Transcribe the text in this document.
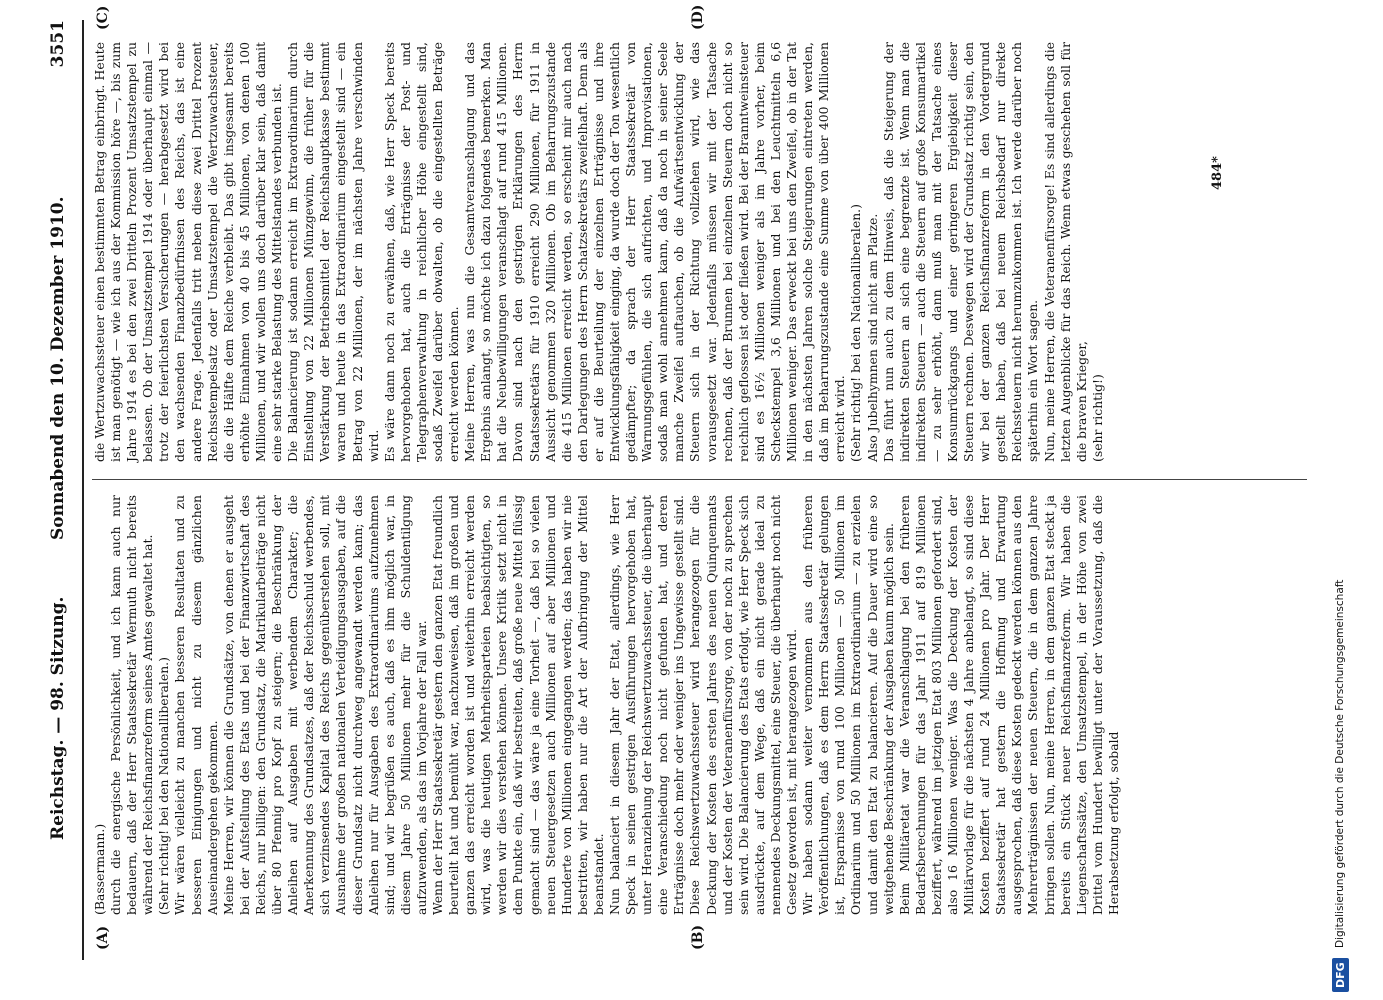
Reichstag. — 98. Sitzung.
Sonnabend den 10. Dezember 1910.
3551
(A)	(B)
(C)	(D)
(Bassermann.)
durch die energische Persönlichkeit, und ich kann auch nur bedauern, daß der Herr Staatssekretär Wermuth nicht bereits während der Reichsfinanzreform seines Amtes gewaltet hat.
(Sehr richtig! bei den Nationalliberalen.)
Wir wären vielleicht zu manchen besseren Resultaten und zu besseren Einigungen und nicht zu diesem gänzlichen Auseinandergehen gekommen.
Meine Herren, wir können die Grundsätze, von denen er ausgeht bei der Aufstellung des Etats und bei der Finanzwirtschaft des Reichs, nur billigen: den Grundsatz, die Matrikularbeiträge nicht über 80 Pfennig pro Kopf zu steigern; die Beschränkung der Anleihen auf Ausgaben mit werbendem Charakter; die Anerkennung des Grundsatzes, daß der Reichsschuld werbendes, sich verzinsendes Kapital des Reichs gegenüberstehen soll, mit Ausnahme der großen nationalen Verteidigungsausgaben, auf die dieser Grundsatz nicht durchweg angewandt werden kann; das Anleihen nur für Ausgaben des Extraordinariums aufzunehmen sind; und wir begrüßen es auch, daß es ihm möglich war, in diesem Jahre 50 Millionen mehr für die Schuldentilgung aufzuwenden, als das im Vorjahre der Fall war.
Wenn der Herr Staatssekretär gestern den ganzen Etat freundlich beurteilt hat und bemüht war, nachzuweisen, daß im großen und ganzen das erreicht worden ist und weiterhin erreicht werden wird, was die heutigen Mehrheitsparteien beabsichtigten, so werden wir dies verstehen können. Unsere Kritik setzt nicht in dem Punkte ein, daß wir bestreiten, daß große neue Mittel flüssig gemacht sind — das wäre ja eine Torheit —, daß bei so vielen neuen Steuergesetzen auch Millionen auf aber Millionen und Hunderte von Millionen eingegangen werden; das haben wir nie bestritten, wir haben nur die Art der Aufbringung der Mittel beanstandet.
Nun balanciert in diesem Jahr der Etat, allerdings, wie Herr Speck in seinen gestrigen Ausführungen hervorgehoben hat, unter Heranziehung der Reichswertzuwachssteuer, die überhaupt eine Veranschiedung noch nicht gefunden hat, und deren Erträgnisse doch mehr oder weniger ins Ungewisse gestellt sind. Diese Reichswertzuwachssteuer wird herangezogen für die Deckung der Kosten des ersten Jahres des neuen Quinquennats und der Kosten der Veteranenfürsorge, von der noch zu sprechen sein wird. Die Balancierung des Etats erfolgt, wie Herr Speck sich ausdrückte, auf dem Wege, daß ein nicht gerade ideal zu nennendes Deckungsmittel, eine Steuer, die überhaupt noch nicht Gesetz geworden ist, mit herangezogen wird.
Wir haben sodann weiter vernommen aus den früheren Veröffentlichungen, daß es dem Herrn Staatssekretär gelungen ist, Ersparnisse von rund 100 Millionen — 50 Millionen im Ordinarium und 50 Millionen im Extraordinarium — zu erzielen und damit den Etat zu balancieren. Auf die Dauer wird eine so weitgehende Beschränkung der Ausgaben kaum möglich sein.
Beim Militäretat war die Veranschlagung bei den früheren Bedarfsberechnungen für das Jahr 1911 auf 819 Millionen beziffert, während im jetzigen Etat 803 Millionen gefordert sind, also 16 Millionen weniger. Was die Deckung der Kosten der Militärvorlage für die nächsten 4 Jahre anbelangt, so sind diese Kosten beziffert auf rund 24 Millionen pro Jahr. Der Herr Staatssekretär hat gestern die Hoffnung und Erwartung ausgesprochen, daß diese Kosten gedeckt werden können aus den Mehrerträgnissen der neuen Steuern, die in dem ganzen Jahre bringen sollen. Nun, meine Herren, in dem ganzen Etat steckt ja bereits ein Stück neuer Reichsfinanzreform. Wir haben die Liegenschaftssätze, den Umsatzstempel, in der Höhe von zwei Drittel vom Hundert bewilligt unter der Voraussetzung, daß die Herabsetzung erfolgt, sobald
die Wertzuwachssteuer einen bestimmten Betrag einbringt. Heute ist man genötigt — wie ich aus der Kommission höre —, bis zum Jahre 1914 es bei den zwei Dritteln Prozent Umsatzstempel zu belassen. Ob der Umsatzstempel 1914 oder überhaupt einmal — trotz der feierlichsten Versicherungen — herabgesetzt wird bei den wachsenden Finanzbedürfnissen des Reichs, das ist eine andere Frage. Jedenfalls tritt neben diese zwei Drittel Prozent Reichsstempelsatz oder Umsatzstempel die Wertzuwachssteuer, die die Hälfte dem Reiche verbleibt. Das gibt insgesamt bereits erhöhte Einnahmen von 40 bis 45 Millionen, von denen 100 Millionen, und wir wollen uns doch darüber klar sein, daß damit eine sehr starke Belastung des Mittelstandes verbunden ist.
Die Balancierung ist sodann erreicht im Extraordinarium durch Einstellung von 22 Millionen Münzgewinn, die früher für die Verstärkung der Betriebsmittel der Reichshauptkasse bestimmt waren und heute in das Extraordinarium eingestellt sind — ein Betrag von 22 Millionen, der im nächsten Jahre verschwinden wird.
Es wäre dann noch zu erwähnen, daß, wie Herr Speck bereits hervorgehoben hat, auch die Erträgnisse der Post- und Telegraphenverwaltung in reichlicher Höhe eingestellt sind, sodaß Zweifel darüber obwalten, ob die eingestellten Beträge erreicht werden können.
Meine Herren, was nun die Gesamtveranschlagung und das Ergebnis anlangt, so möchte ich dazu folgendes bemerken. Man hat die Neubewilligungen veranschlagt auf rund 415 Millionen. Davon sind nach den gestrigen Erklärungen des Herrn Staatssekretärs für 1910 erreicht 290 Millionen, für 1911 in Aussicht genommen 320 Millionen. Ob im Beharrungszustande die 415 Millionen erreicht werden, so erscheint mir auch nach den Darlegungen des Herrn Schatzsekretärs zweifelhaft. Denn als er auf die Beurteilung der einzelnen Erträgnisse und ihre Entwicklungsfähigkeit einging, da wurde doch der Ton wesentlich gedämpfter; da sprach der Herr Staatssekretär von Warnungsgefühlen, die sich aufrichten, und Improvisationen, sodaß man wohl annehmen kann, daß da noch in seiner Seele manche Zweifel auftauchen, ob die Aufwärtsentwicklung der Steuern sich in der Richtung vollziehen wird, wie das vorausgesetzt war. Jedenfalls müssen wir mit der Tatsache rechnen, daß der Brunnen bei einzelnen Steuern doch nicht so reichlich geflossen ist oder fließen wird. Bei der Branntweinsteuer sind es 16½ Millionen weniger als im Jahre vorher, beim Scheckstempel 3,6 Millionen und bei den Leuchtmitteln 6,6 Millionen weniger. Das erweckt bei uns den Zweifel, ob in der Tat in den nächsten Jahren solche Steigerungen eintreten werden, daß im Beharrungszustande eine Summe von über 400 Millionen erreicht wird.
(Sehr richtig! bei den Nationalliberalen.)
Also Jubelhymnen sind nicht am Platze.
Das führt nun auch zu dem Hinweis, daß die Steigerung der indirekten Steuern an sich eine begrenzte ist. Wenn man die indirekten Steuern — auch die Steuern auf große Konsumartikel — zu sehr erhöht, dann muß man mit der Tatsache eines Konsumrückgangs und einer geringeren Ergiebigkeit dieser Steuern rechnen. Deswegen wird der Grundsatz richtig sein, den wir bei der ganzen Reichsfinanzreform in den Vordergrund gestellt haben, daß bei neuem Reichsbedarf nur direkte Reichssteuern nicht herumzukommen ist. Ich werde darüber noch späterhin ein Wort sagen.
Nun, meine Herren, die Veteranenfürsorge! Es sind allerdings die letzten Augenblicke für das Reich. Wenn etwas geschehen soll für die braven Krieger,
(sehr richtig!)
484*
DFG
Digitalisierung gefördert durch die Deutsche Forschungsgemeinschaft
